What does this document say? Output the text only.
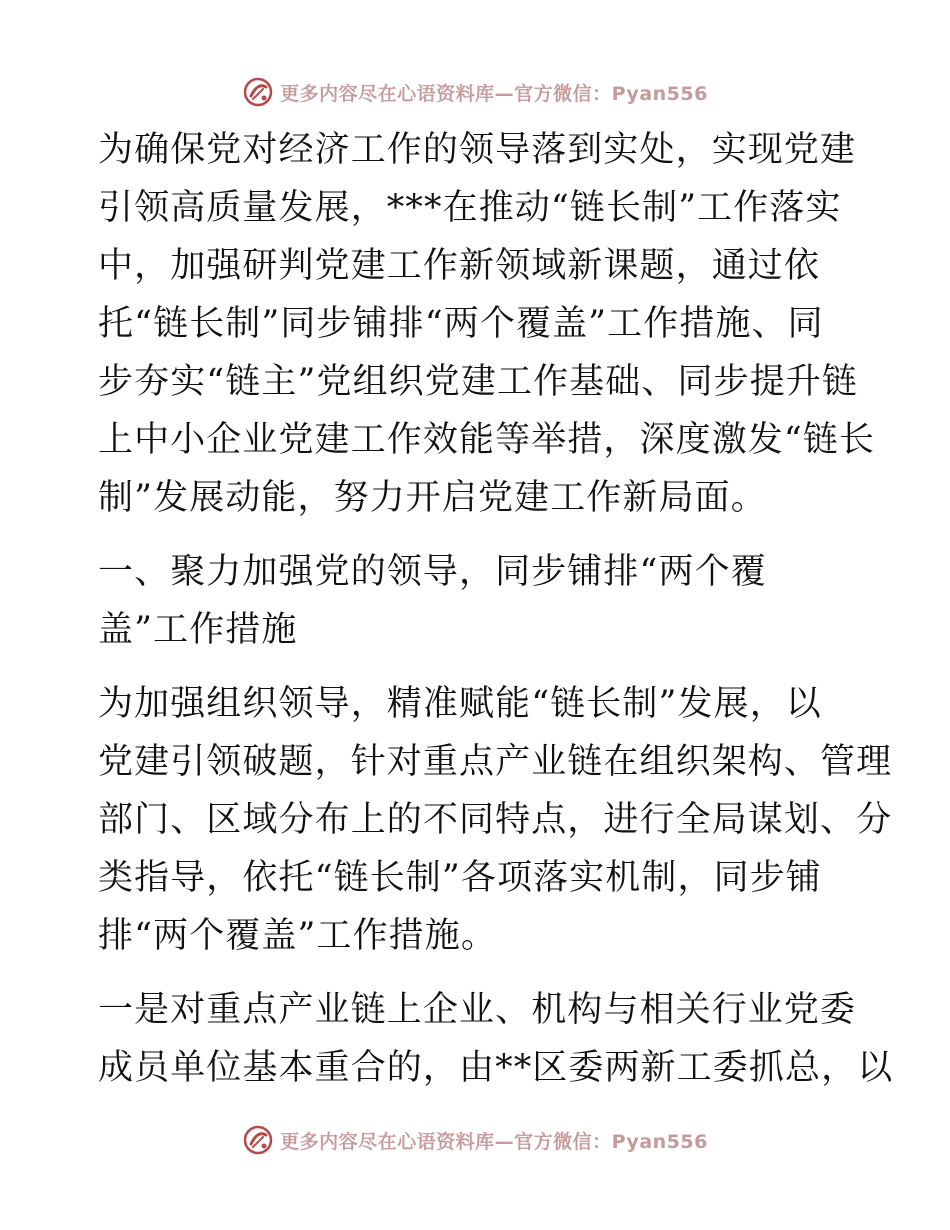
更多内容尽在心语资料库—官方微信：Pyan556
为确保党对经济工作的领导落到实处，实现党建
引领高质量发展，***在推动“链长制”工作落实
中，加强研判党建工作新领域新课题，通过依
托“链长制”同步铺排“两个覆盖”工作措施、同
步夯实“链主”党组织党建工作基础、同步提升链
上中小企业党建工作效能等举措，深度激发“链长
制”发展动能，努力开启党建工作新局面。
一、聚力加强党的领导，同步铺排“两个覆
盖”工作措施
为加强组织领导，精准赋能“链长制”发展，以
党建引领破题，针对重点产业链在组织架构、管理
部门、区域分布上的不同特点，进行全局谋划、分
类指导，依托“链长制”各项落实机制，同步铺
排“两个覆盖”工作措施。
一是对重点产业链上企业、机构与相关行业党委
成员单位基本重合的，由**区委两新工委抓总，以
更多内容尽在心语资料库—官方微信：Pyan556
